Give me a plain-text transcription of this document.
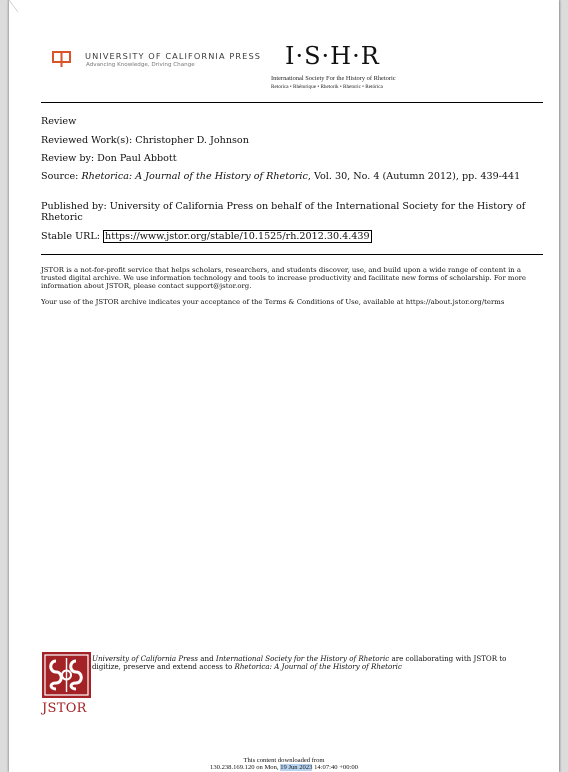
UNIVERSITY OF CALIFORNIA PRESS
Advancing Knowledge, Driving Change	I·S·H·R
International Society For the History of Rhetoric
Retorica • Rhétorique • Rhetorik • Rhetoric • Retórica
Review
Reviewed Work(s): Christopher D. Johnson
Review by: Don Paul Abbott
Source: Rhetorica: A Journal of the History of Rhetoric, Vol. 30, No. 4 (Autumn 2012), pp. 439-441
Published by: University of California Press on behalf of the International Society for the History of Rhetoric
Stable URL: https://www.jstor.org/stable/10.1525/rh.2012.30.4.439
JSTOR is a not-for-profit service that helps scholars, researchers, and students discover, use, and build upon a wide range of content in a trusted digital archive. We use information technology and tools to increase productivity and facilitate new forms of scholarship. For more information about JSTOR, please contact support@jstor.org.
Your use of the JSTOR archive indicates your acceptance of the Terms & Conditions of Use, available at https://about.jstor.org/terms
JSTOR
University of California Press and International Society for the History of Rhetoric are collaborating with JSTOR to digitize, preserve and extend access to Rhetorica: A Journal of the History of Rhetoric
This content downloaded from
130.238.169.120 on Mon, 19 Jun 2023 14:07:40 +00:00
